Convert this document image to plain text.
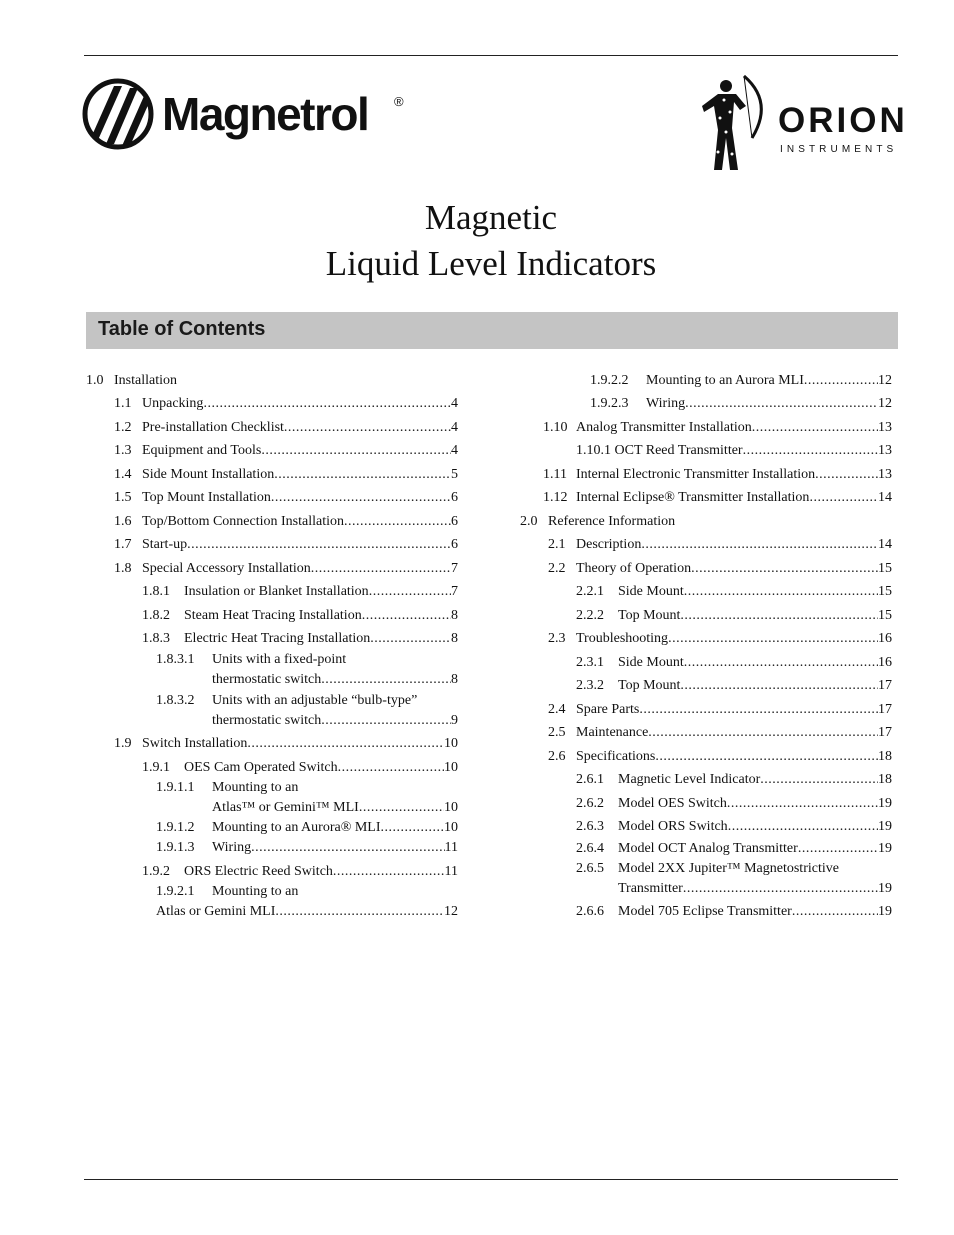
Magnetrol ®	ORION
INSTRUMENTS
Magnetic
Liquid Level Indicators
Table of Contents
1.0 Installation
1.1 Unpacking .....	4
1.2 Pre-installation Checklist .....	4
1.3 Equipment and Tools .....	4
1.4 Side Mount Installation .....	5
1.5 Top Mount Installation .....	6
1.6 Top/Bottom Connection Installation .....	6
1.7 Start-up .....	6
1.8 Special Accessory Installation .....	7
1.8.1	Insulation or Blanket Installation .....	7
1.8.2	Steam Heat Tracing Installation .....	8
1.8.3	Electric Heat Tracing Installation .....	8
1.8.3.1	Units with a fixed-point
thermostatic switch .....	8
1.8.3.2	Units with an adjustable “bulb-type”
thermostatic switch .....	9
1.9 Switch Installation .....	10
1.9.1	OES Cam Operated Switch .....	10
1.9.1.1	Mounting to an
Atlas™ or Gemini™ MLI .....	10
1.9.1.2	Mounting to an Aurora® MLI .....	10
1.9.1.3	Wiring .....	11
1.9.2	ORS Electric Reed Switch .....	11
1.9.2.1	Mounting to an
Atlas or Gemini MLI .....	12
1.9.2.2	Mounting to an Aurora MLI .....	12
1.9.2.3	Wiring .....	12
1.10 Analog Transmitter Installation .....	13
1.10.1 OCT Reed Transmitter .....	13
1.11 Internal Electronic Transmitter Installation .....	13
1.12 Internal Eclipse® Transmitter Installation .....	14
2.0 Reference Information
2.1 Description .....	14
2.2 Theory of Operation .....	15
2.2.1	Side Mount .....	15
2.2.2	Top Mount .....	15
2.3 Troubleshooting .....	16
2.3.1	Side Mount .....	16
2.3.2	Top Mount .....	17
2.4 Spare Parts .....	17
2.5 Maintenance .....	17
2.6 Specifications .....	18
2.6.1	Magnetic Level Indicator .....	18
2.6.2	Model OES Switch .....	19
2.6.3	Model ORS Switch .....	19
2.6.4	Model OCT Analog Transmitter .....	19
2.6.5	Model 2XX Jupiter™ Magnetostrictive
Transmitter .....	19
2.6.6	Model 705 Eclipse Transmitter .....	19
